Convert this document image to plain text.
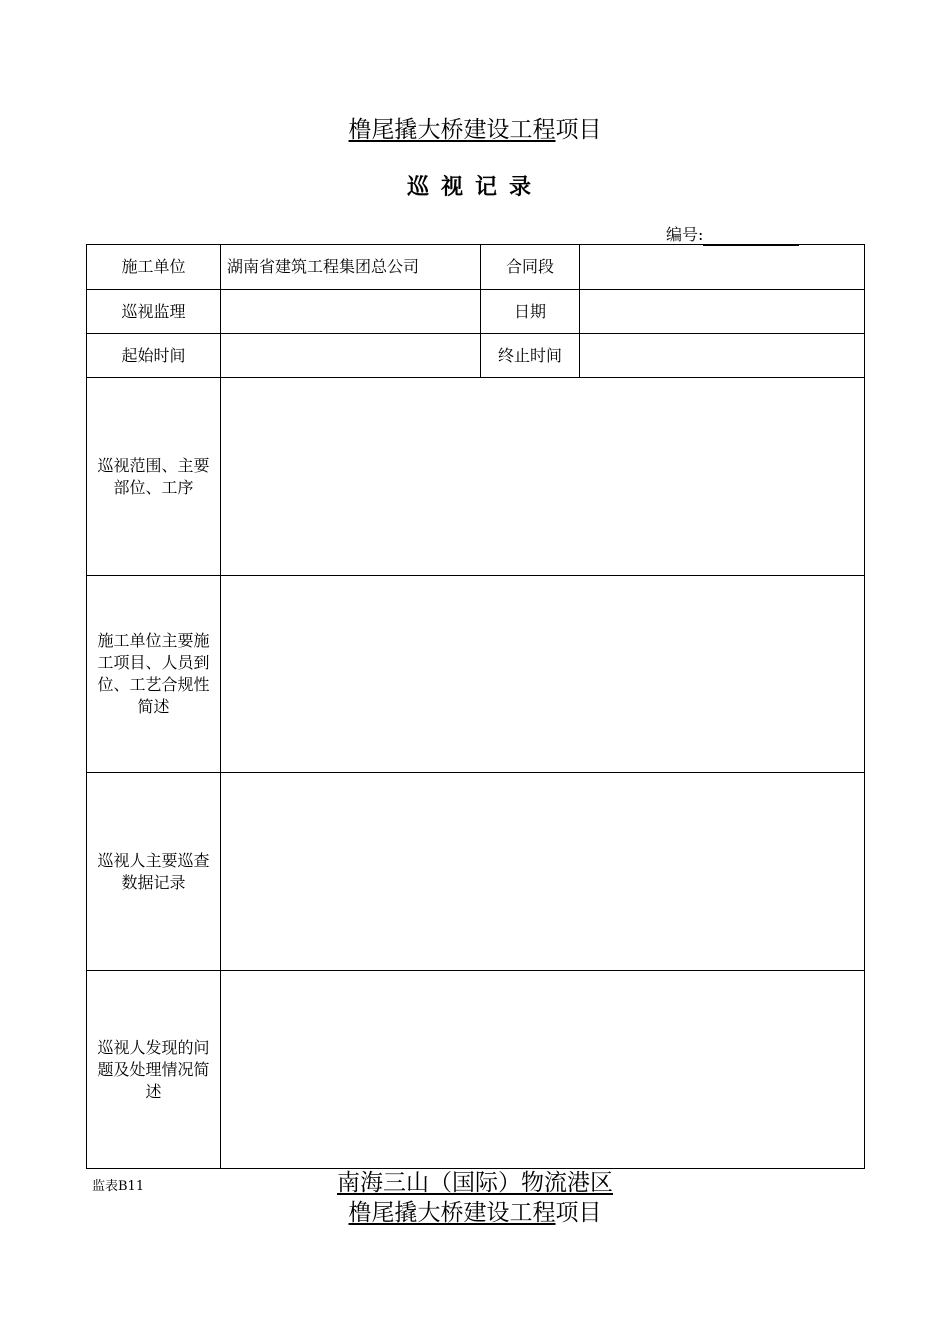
橹尾撬大桥建设工程项目
巡视记录
编号:
施工单位	湖南省建筑工程集团总公司	合同段	
巡视监理		日期	
起始时间		终止时间	
巡视范围、主要部位、工序			
施工单位主要施工项目、人员到位、工艺合规性简述			
巡视人主要巡查数据记录			
巡视人发现的问题及处理情况简述			
监表B11	南海三山（国际）物流港区
橹尾撬大桥建设工程项目
